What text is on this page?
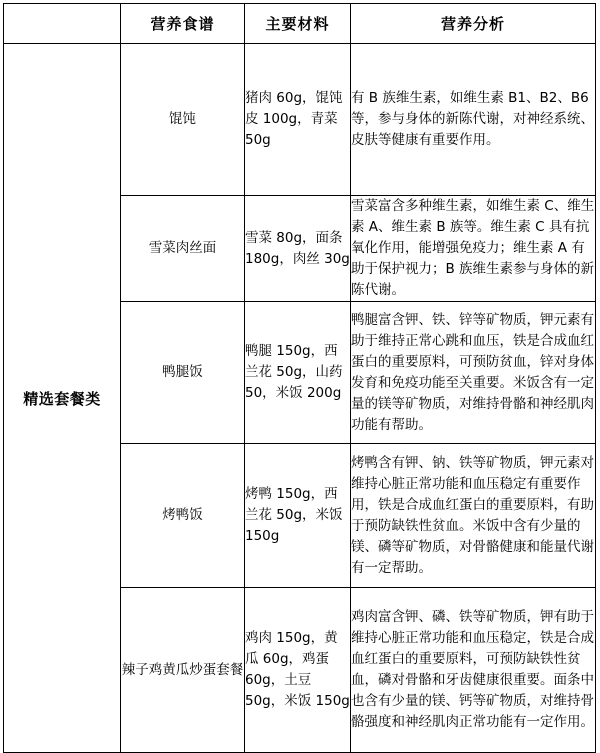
	营养食谱	主要材料	营养分析
精选套餐类	馄饨	猪肉 60g，馄饨皮 100g，青菜 50g	有 B 族维生素，如维生素 B1、B2、B6 等，参与身体的新陈代谢，对神经系统、皮肤等健康有重要作用。
	雪菜肉丝面	雪菜 80g，面条 180g，肉丝 30g	雪菜富含多种维生素，如维生素 C、维生素 A、维生素 B 族等。维生素 C 具有抗氧化作用，能增强免疫力；维生素 A 有助于保护视力；B 族维生素参与身体的新陈代谢。
	鸭腿饭	鸭腿 150g，西兰花 50g，山药 50，米饭 200g	鸭腿富含钾、铁、锌等矿物质，钾元素有助于维持正常心跳和血压，铁是合成血红蛋白的重要原料，可预防贫血，锌对身体发育和免疫功能至关重要。米饭含有一定量的镁等矿物质，对维持骨骼和神经肌肉功能有帮助。
	烤鸭饭	烤鸭 150g，西兰花 50g，米饭 150g	烤鸭含有钾、钠、铁等矿物质，钾元素对维持心脏正常功能和血压稳定有重要作用，铁是合成血红蛋白的重要原料，有助于预防缺铁性贫血。米饭中含有少量的镁、磷等矿物质，对骨骼健康和能量代谢有一定帮助。
	辣子鸡黄瓜炒蛋套餐	鸡肉 150g，黄瓜 60g，鸡蛋 60g，土豆 50g，米饭 150g	鸡肉富含钾、磷、铁等矿物质，钾有助于维持心脏正常功能和血压稳定，铁是合成血红蛋白的重要原料，可预防缺铁性贫血，磷对骨骼和牙齿健康很重要。面条中也含有少量的镁、钙等矿物质，对维持骨骼强度和神经肌肉正常功能有一定作用。
